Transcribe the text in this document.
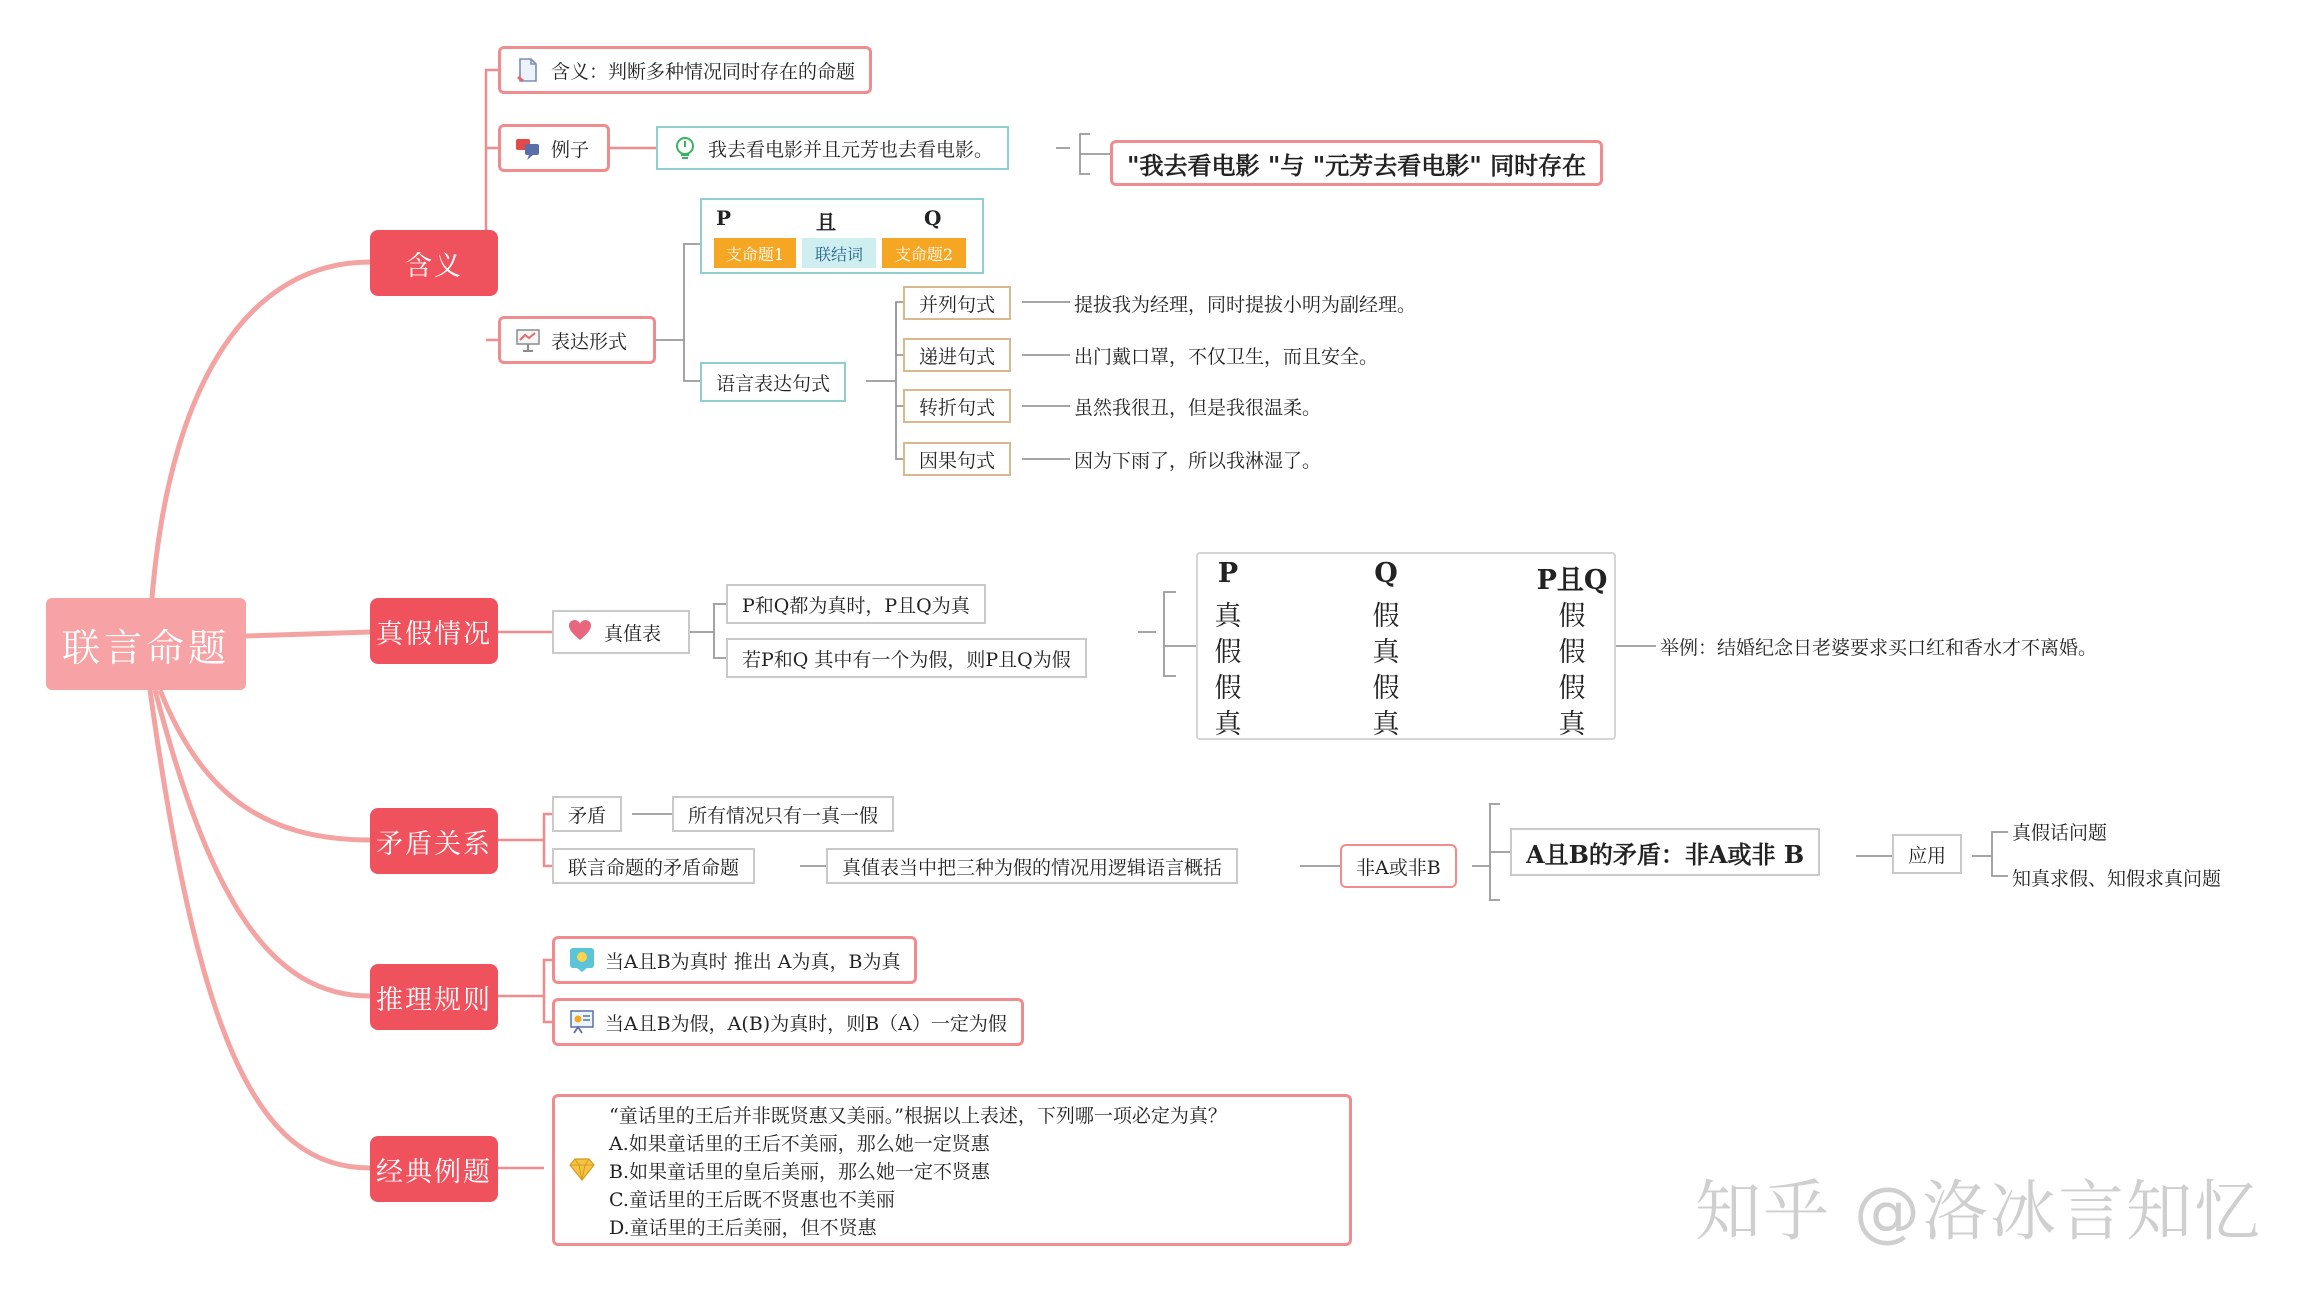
联言命题
含义
含义：判断多种情况同时存在的命题
例子	我去看电影并且元芳也去看电影。
"我去看电影 "与 "元芳去看电影" 同时存在
表达形式
P	且	Q
支命题1	联结词	支命题2
语言表达句式
并列句式
递进句式
转折句式
因果句式
提拔我为经理，同时提拔小明为副经理。
出门戴口罩，不仅卫生，而且安全。
虽然我很丑，但是我很温柔。
因为下雨了，所以我淋湿了。
真假情况	真值表
P和Q都为真时，P且Q为真
若P和Q 其中有一个为假，则P且Q为假
P	Q	P且Q
真	假	假
假	真	假
假	假	假
真	真	真
举例：结婚纪念日老婆要求买口红和香水才不离婚。
矛盾关系
矛盾	所有情况只有一真一假
联言命题的矛盾命题	真值表当中把三种为假的情况用逻辑语言概括	非A或非B	A且B的矛盾：非A或非 B	应用
真假话问题
知真求假、知假求真问题
推理规则
当A且B为真时 推出 A为真，B为真
当A且B为假，A(B)为真时，则B（A）一定为假
经典例题
“童话里的王后并非既贤惠又美丽。”根据以上表述，下列哪一项必定为真？
A.如果童话里的王后不美丽，那么她一定贤惠
B.如果童话里的皇后美丽，那么她一定不贤惠
C.童话里的王后既不贤惠也不美丽
D.童话里的王后美丽，但不贤惠	知乎 @洛冰言知忆
